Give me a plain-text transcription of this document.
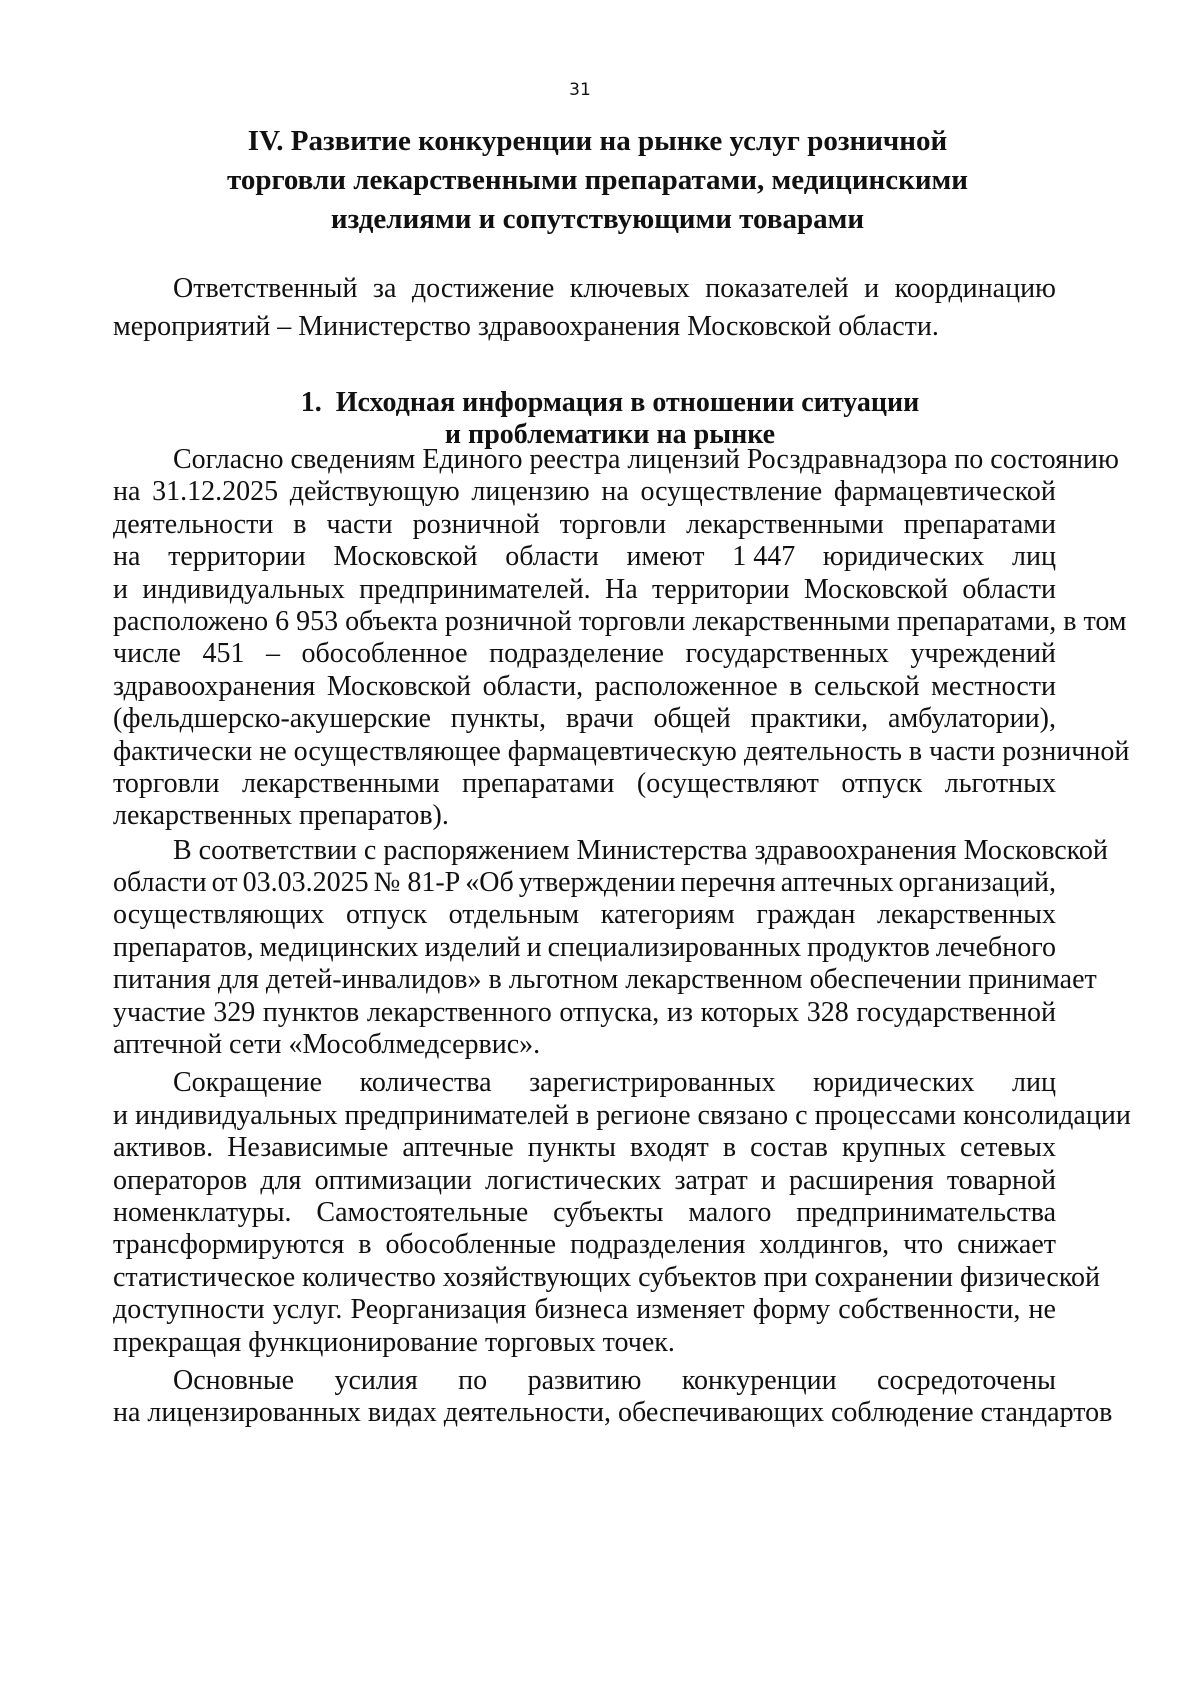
31
IV. Развитие конкуренции на рынке услуг розничной
торговли лекарственными препаратами, медицинскими
изделиями и сопутствующими товарами
Ответственный за достижение ключевых показателей и координацию
мероприятий – Министерство здравоохранения Московской области.
1.  Исходная информация в отношении ситуации
и проблематики на рынке
Согласно сведениям Единого реестра лицензий Росздравнадзора по состоянию
на 31.12.2025 действующую лицензию на осуществление фармацевтической
деятельности в части розничной торговли лекарственными препаратами
на территории Московской области имеют 1 447 юридических лиц
и индивидуальных предпринимателей. На территории Московской области
расположено 6 953 объекта розничной торговли лекарственными препаратами, в том
числе 451 – обособленное подразделение государственных учреждений
здравоохранения Московской области, расположенное в сельской местности
(фельдшерско-акушерские пункты, врачи общей практики, амбулатории),
фактически не осуществляющее фармацевтическую деятельность в части розничной
торговли лекарственными препаратами (осуществляют отпуск льготных
лекарственных препаратов).
В соответствии с распоряжением Министерства здравоохранения Московской
области от 03.03.2025 № 81-Р «Об утверждении перечня аптечных организаций,
осуществляющих отпуск отдельным категориям граждан лекарственных
препаратов, медицинских изделий и специализированных продуктов лечебного
питания для детей-инвалидов» в льготном лекарственном обеспечении принимает
участие 329 пунктов лекарственного отпуска, из которых 328 государственной
аптечной сети «Мособлмедсервис».
Сокращение количества зарегистрированных юридических лиц
и индивидуальных предпринимателей в регионе связано с процессами консолидации
активов. Независимые аптечные пункты входят в состав крупных сетевых
операторов для оптимизации логистических затрат и расширения товарной
номенклатуры. Самостоятельные субъекты малого предпринимательства
трансформируются в обособленные подразделения холдингов, что снижает
статистическое количество хозяйствующих субъектов при сохранении физической
доступности услуг. Реорганизация бизнеса изменяет форму собственности, не
прекращая функционирование торговых точек.
Основные усилия по развитию конкуренции сосредоточены
на лицензированных видах деятельности, обеспечивающих соблюдение стандартов
